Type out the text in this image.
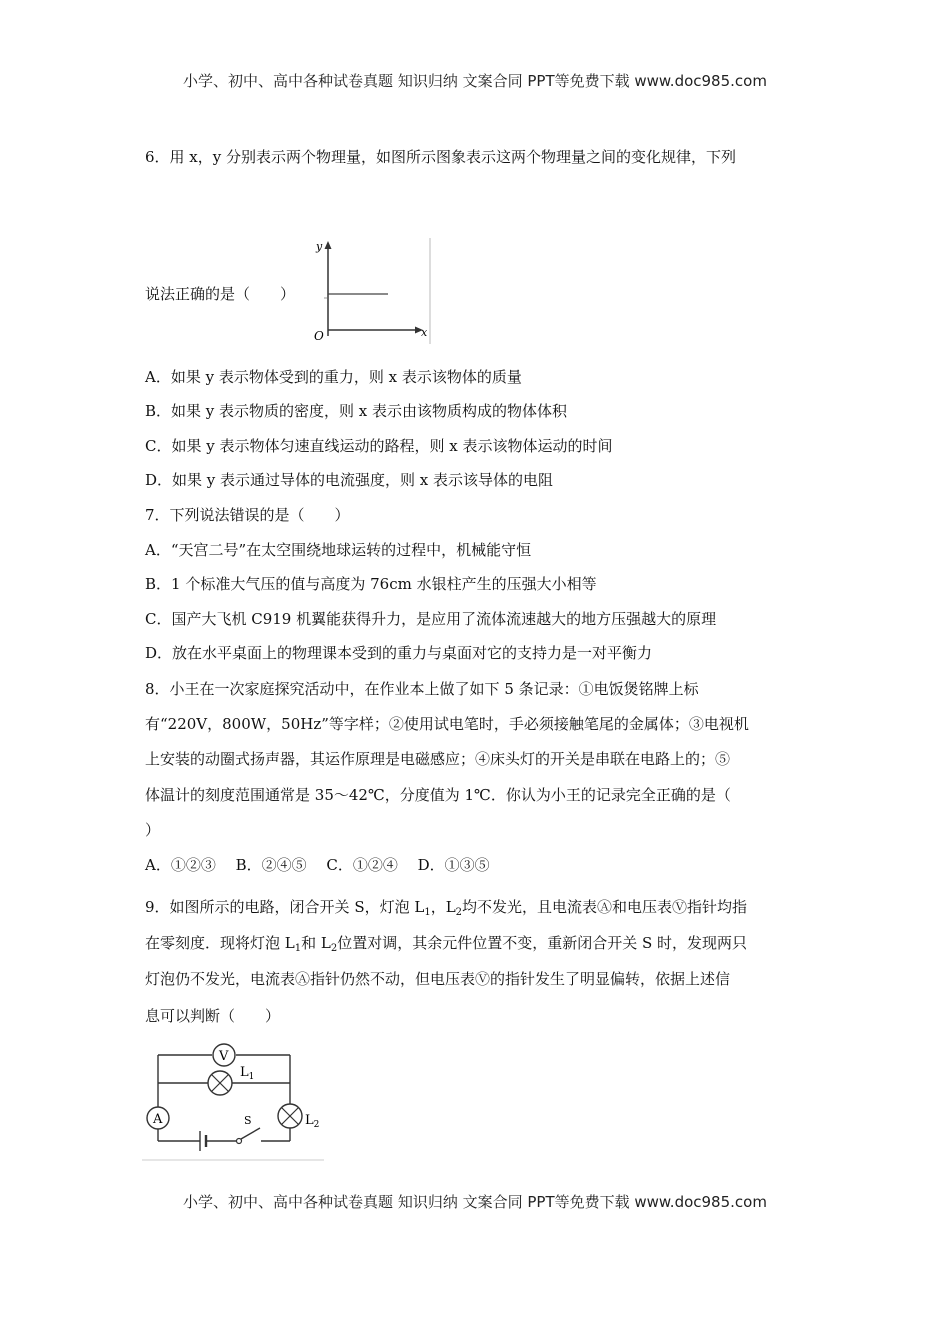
小学、初中、高中各种试卷真题 知识归纳 文案合同 PPT等免费下载 www.doc985.com
6．用 x，y 分别表示两个物理量，如图所示图象表示这两个物理量之间的变化规律，下列
y
O	x
说法正确的是（　　）
A．如果 y 表示物体受到的重力，则 x 表示该物体的质量
B．如果 y 表示物质的密度，则 x 表示由该物质构成的物体体积
C．如果 y 表示物体匀速直线运动的路程，则 x 表示该物体运动的时间
D．如果 y 表示通过导体的电流强度，则 x 表示该导体的电阻
7．下列说法错误的是（　　）
A．“天宫二号”在太空围绕地球运转的过程中，机械能守恒
B．1 个标准大气压的值与高度为 76cm 水银柱产生的压强大小相等
C．国产大飞机 C919 机翼能获得升力，是应用了流体流速越大的地方压强越大的原理
D．放在水平桌面上的物理课本受到的重力与桌面对它的支持力是一对平衡力
8．小王在一次家庭探究活动中，在作业本上做了如下 5 条记录：①电饭煲铭牌上标
有“220V，800W，50Hz”等字样；②使用试电笔时，手必须接触笔尾的金属体；③电视机
上安装的动圈式扬声器，其运作原理是电磁感应；④床头灯的开关是串联在电路上的；⑤
体温计的刻度范围通常是 35～42℃，分度值为 1℃．你认为小王的记录完全正确的是（
）
A．①②③　 B．②④⑤　 C．①②④　 D．①③⑤
9．如图所示的电路，闭合开关 S，灯泡 $L_1$，$L_2$均不发光，且电流表Ⓐ和电压表Ⓥ指针均指
在零刻度．现将灯泡 $L_1$和 $L_2$位置对调，其余元件位置不变，重新闭合开关 S 时，发现两只
灯泡仍不发光，电流表Ⓐ指针仍然不动，但电压表Ⓥ的指针发生了明显偏转，依据上述信
息可以判断（　　）
V
$L_1$
A	$L_2$
S
小学、初中、高中各种试卷真题 知识归纳 文案合同 PPT等免费下载 www.doc985.com
